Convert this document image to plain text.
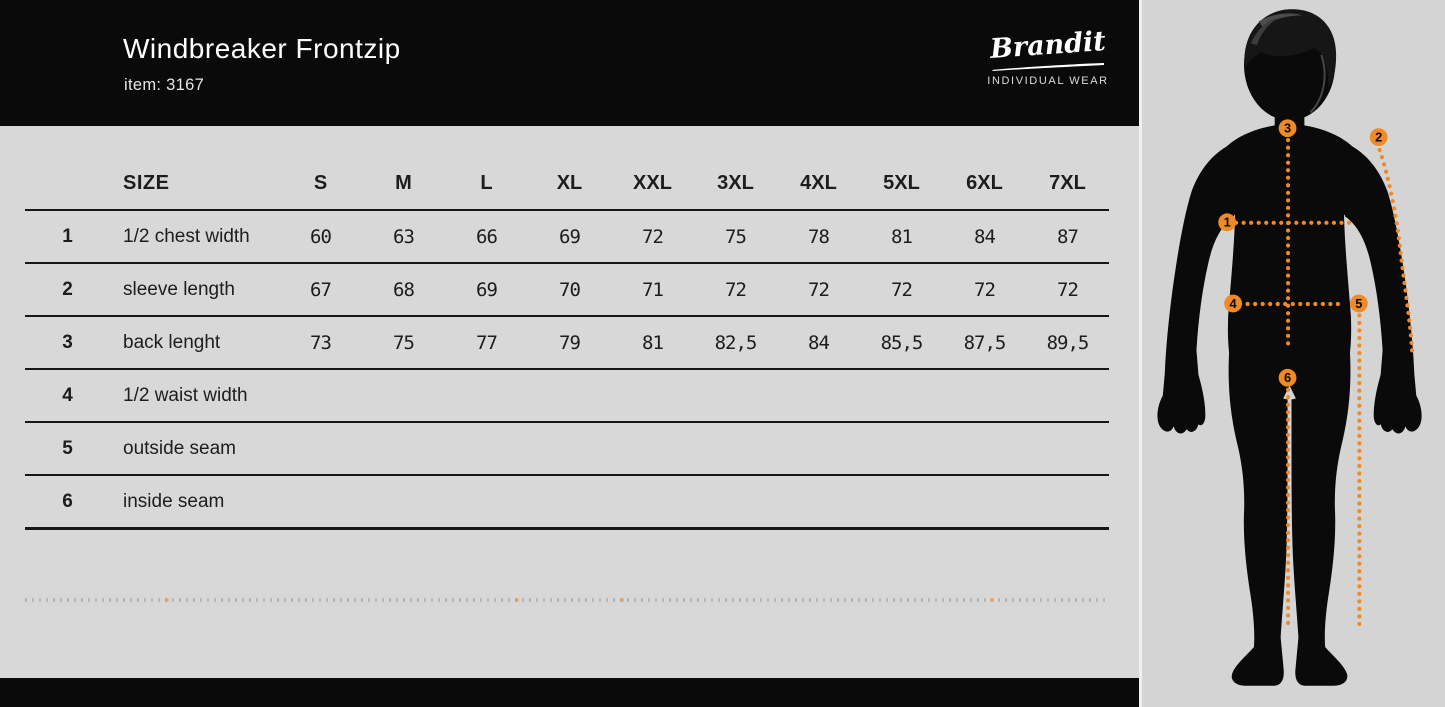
Windbreaker Frontzip
item: 3167
Brandit
INDIVIDUAL WEAR
SIZE	S	M	L	XL	XXL	3XL	4XL	5XL	6XL	7XL
1	1/2 chest width	60	63	66	69	72	75	78	81	84	87
2	sleeve length	67	68	69	70	71	72	72	72	72	72
3	back lenght	73	75	77	79	81	82,5	84	85,5	87,5	89,5
4	1/2 waist width
5	outside seam
6	inside seam
1
2
3
4	5
6
